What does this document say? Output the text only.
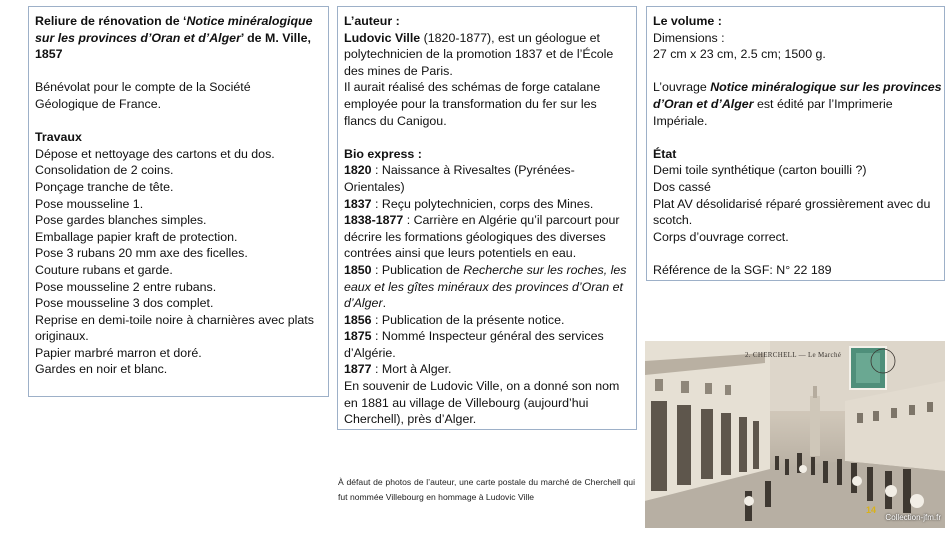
Reliure de rénovation de ‘Notice minéralogique
sur les provinces d’Oran et d’Alger’ de M. Ville,
1857
Bénévolat pour le compte de la Société
Géologique de France.
Travaux
Dépose et nettoyage des cartons et du dos.
Consolidation de 2 coins.
Ponçage tranche de tête.
Pose mousseline 1.
Pose gardes blanches simples.
Emballage papier kraft de protection.
Pose 3 rubans 20 mm axe des ficelles.
Couture rubans et garde.
Pose mousseline 2 entre rubans.
Pose mousseline 3 dos complet.
Reprise en demi-toile noire à charnières avec plats
originaux.
Papier marbré marron et doré.
Gardes en noir et blanc.
L’auteur :
Ludovic Ville (1820-1877), est un géologue et
polytechnicien de la promotion 1837 et de l’École
des mines de Paris.
Il aurait réalisé des schémas de forge catalane
employée pour la transformation du fer sur les
flancs du Canigou.
Bio express :
1820 : Naissance à Rivesaltes (Pyrénées-
Orientales)
1837 : Reçu polytechnicien, corps des Mines.
1838-1877 : Carrière en Algérie qu’il parcourt pour
décrire les formations géologiques des diverses
contrées ainsi que leurs potentiels en eau.
1850 : Publication de Recherche sur les roches, les
eaux et les gîtes minéraux des provinces d’Oran et
d’Alger.
1856 : Publication de la présente notice.
1875 : Nommé Inspecteur général des services
d’Algérie.
1877 : Mort à Alger.
En souvenir de Ludovic Ville, on a donné son nom
en 1881 au village de Villebourg (aujourd’hui
Cherchell), près d’Alger.
Le volume :
Dimensions :
27 cm x 23 cm, 2.5 cm; 1500 g.
L’ouvrage Notice minéralogique sur les provinces
d’Oran et d’Alger est édité par l’Imprimerie
Impériale.
État
Demi toile synthétique (carton bouilli ?)
Dos cassé
Plat AV désolidarisé réparé grossièrement avec du
scotch.
Corps d’ouvrage correct.
Référence de la SGF: N° 22 189
À défaut de photos de l’auteur, une carte postale du marché de Cherchell qui fut nommée Villebourg en hommage à Ludovic Ville
2. CHERCHELL — Le Marché
14
Collection-jfm.fr
